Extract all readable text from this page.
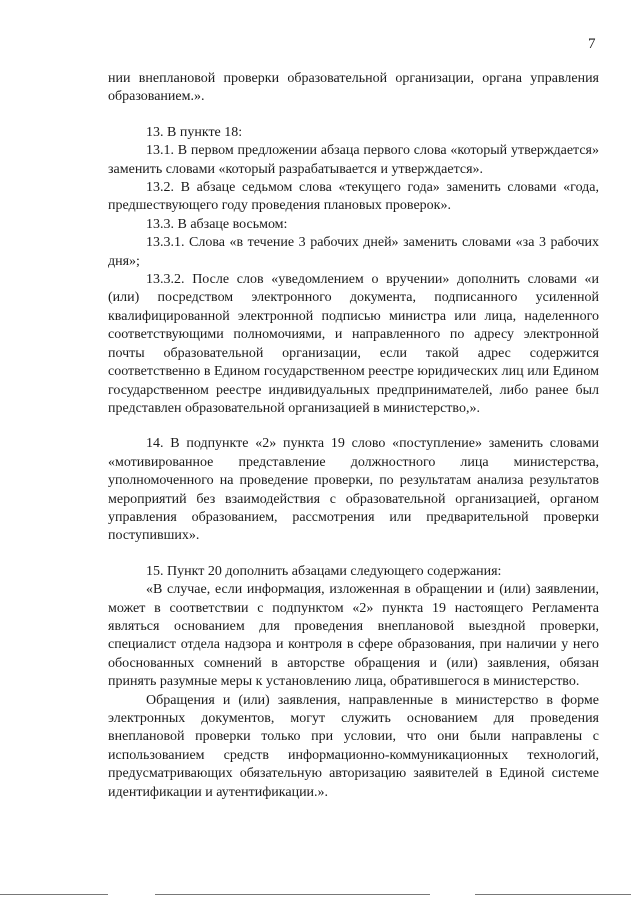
7

нии внеплановой проверки образовательной организации, органа управления образованием.».

13. В пункте 18:

13.1. В первом предложении абзаца первого слова «который утверждается» заменить словами «который разрабатывается и утверждается».

13.2. В абзаце седьмом слова «текущего года» заменить словами «года, предшествующего году проведения плановых проверок».

13.3. В абзаце восьмом:

13.3.1. Слова «в течение 3 рабочих дней» заменить словами «за 3 рабочих дня»;

13.3.2. После слов «уведомлением о вручении» дополнить словами «и (или) посредством электронного документа, подписанного усиленной квалифицированной электронной подписью министра или лица, наделенного соответствующими полномочиями, и направленного по адресу электронной почты образовательной организации, если такой адрес содержится соответственно в Едином государственном реестре юридических лиц или Едином государственном реестре индивидуальных предпринимателей, либо ранее был представлен образовательной организацией в министерство,».

14. В подпункте «2» пункта 19 слово «поступление» заменить словами «мотивированное представление должностного лица министерства, уполномоченного на проведение проверки, по результатам анализа результатов мероприятий без взаимодействия с образовательной организацией, органом управления образованием, рассмотрения или предварительной проверки поступивших».

15. Пункт 20 дополнить абзацами следующего содержания:

«В случае, если информация, изложенная в обращении и (или) заявлении, может в соответствии с подпунктом «2» пункта 19 настоящего Регламента являться основанием для проведения внеплановой выездной проверки, специалист отдела надзора и контроля в сфере образования, при наличии у него обоснованных сомнений в авторстве обращения и (или) заявления, обязан принять разумные меры к установлению лица, обратившегося в министерство.

Обращения и (или) заявления, направленные в министерство в форме электронных документов, могут служить основанием для проведения внеплановой проверки только при условии, что они были направлены с использованием средств информационно-коммуникационных технологий, предусматривающих обязательную авторизацию заявителей в Единой системе идентификации и аутентификации.».
